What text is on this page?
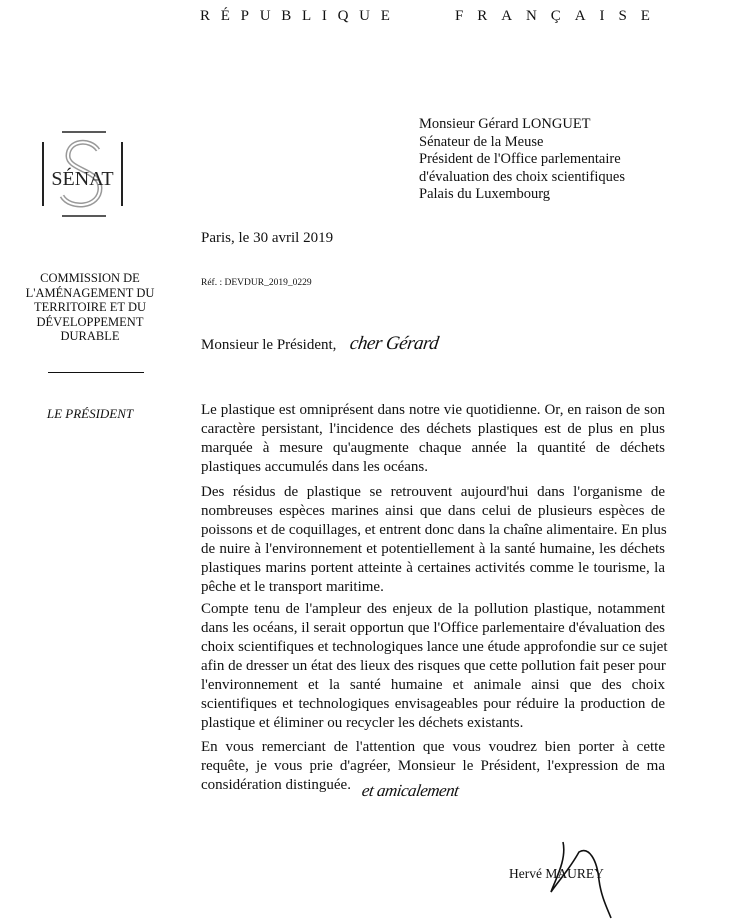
R É P U B L I Q U E	F R A N Ç A I S E
SÉNAT
COMMISSION DE
L'AMÉNAGEMENT DU
TERRITOIRE ET DU
DÉVELOPPEMENT
DURABLE
LE PRÉSIDENT
Monsieur Gérard LONGUET
Sénateur de la Meuse
Président de l'Office parlementaire
d'évaluation des choix scientifiques
Palais du Luxembourg
Paris, le 30 avril 2019
Réf. : DEVDUR_2019_0229
Monsieur le Président, cher Gérard
Le plastique est omniprésent dans notre vie quotidienne. Or, en raison de son
caractère persistant, l'incidence des déchets plastiques est de plus en plus
marquée à mesure qu'augmente chaque année la quantité de déchets
plastiques accumulés dans les océans.
Des résidus de plastique se retrouvent aujourd'hui dans l'organisme de
nombreuses espèces marines ainsi que dans celui de plusieurs espèces de
poissons et de coquillages, et entrent donc dans la chaîne alimentaire. En plus
de nuire à l'environnement et potentiellement à la santé humaine, les déchets
plastiques marins portent atteinte à certaines activités comme le tourisme, la
pêche et le transport maritime.
Compte tenu de l'ampleur des enjeux de la pollution plastique, notamment
dans les océans, il serait opportun que l'Office parlementaire d'évaluation des
choix scientifiques et technologiques lance une étude approfondie sur ce sujet
afin de dresser un état des lieux des risques que cette pollution fait peser pour
l'environnement et la santé humaine et animale ainsi que des choix
scientifiques et technologiques envisageables pour réduire la production de
plastique et éliminer ou recycler les déchets existants.
En vous remerciant de l'attention que vous voudrez bien porter à cette
requête, je vous prie d'agréer, Monsieur le Président, l'expression de ma
considération distinguée. et amicalement
Hervé MAUREY
